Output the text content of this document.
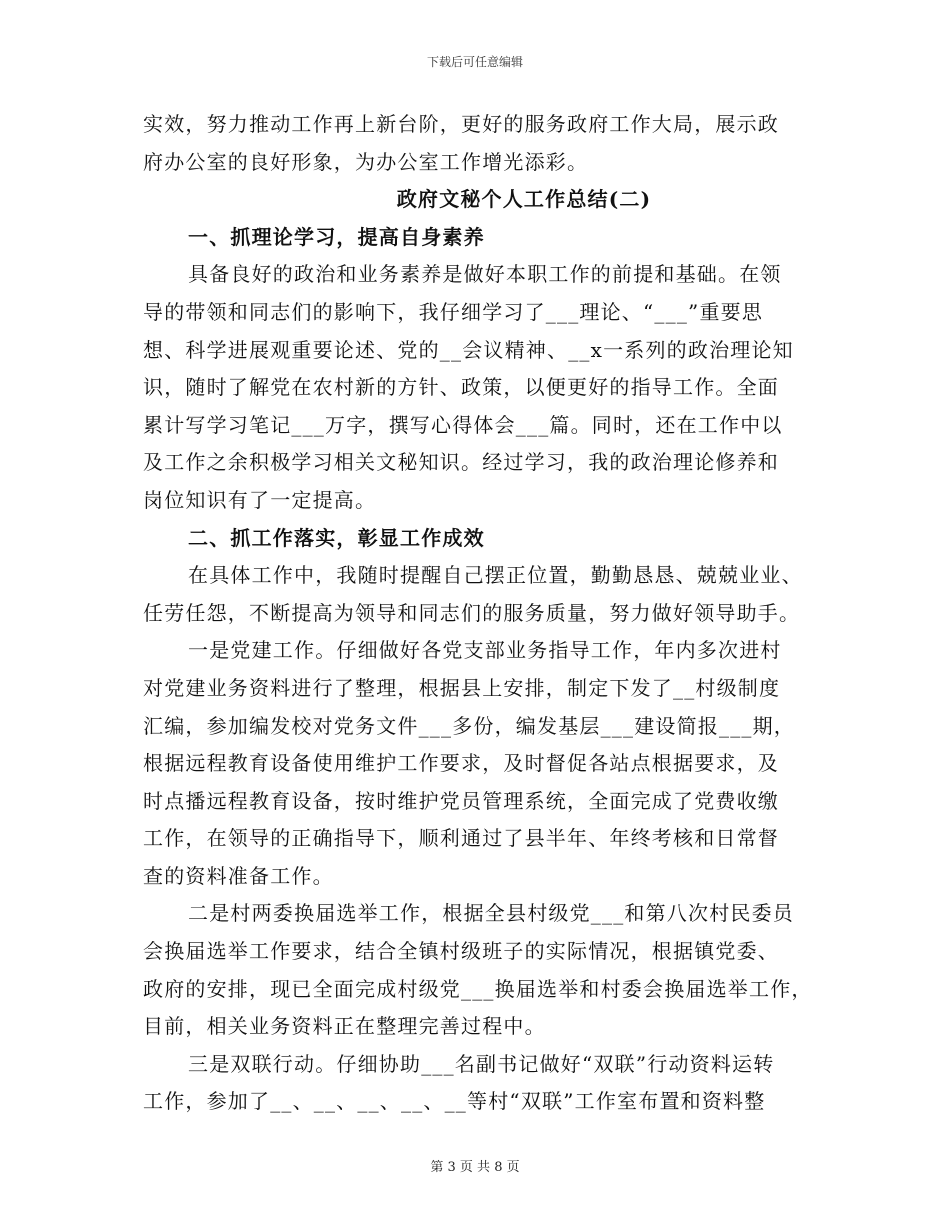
下载后可任意编辑
实效，努力推动工作再上新台阶，更好的服务政府工作大局，展示政
府办公室的良好形象，为办公室工作增光添彩。
政府文秘个人工作总结(二)
一、抓理论学习，提高自身素养
具备良好的政治和业务素养是做好本职工作的前提和基础。在领
导的带领和同志们的影响下，我仔细学习了___理论、“___”重要思
想、科学进展观重要论述、党的__会议精神、__x一系列的政治理论知
识，随时了解党在农村新的方针、政策，以便更好的指导工作。全面
累计写学习笔记___万字，撰写心得体会___篇。同时，还在工作中以
及工作之余积极学习相关文秘知识。经过学习，我的政治理论修养和
岗位知识有了一定提高。
二、抓工作落实，彰显工作成效
在具体工作中，我随时提醒自己摆正位置，勤勤恳恳、兢兢业业、
任劳任怨，不断提高为领导和同志们的服务质量，努力做好领导助手。
一是党建工作。仔细做好各党支部业务指导工作，年内多次进村
对党建业务资料进行了整理，根据县上安排，制定下发了__村级制度
汇编，参加编发校对党务文件___多份，编发基层___建设简报___期，
根据远程教育设备使用维护工作要求，及时督促各站点根据要求，及
时点播远程教育设备，按时维护党员管理系统，全面完成了党费收缴
工作，在领导的正确指导下，顺利通过了县半年、年终考核和日常督
查的资料准备工作。
二是村两委换届选举工作，根据全县村级党___和第八次村民委员
会换届选举工作要求，结合全镇村级班子的实际情况，根据镇党委、
政府的安排，现已全面完成村级党___换届选举和村委会换届选举工作，
目前，相关业务资料正在整理完善过程中。
三是双联行动。仔细协助___名副书记做好“双联”行动资料运转
工作，参加了__、__、__、__、__等村“双联”工作室布置和资料整
第 3 页 共 8 页
